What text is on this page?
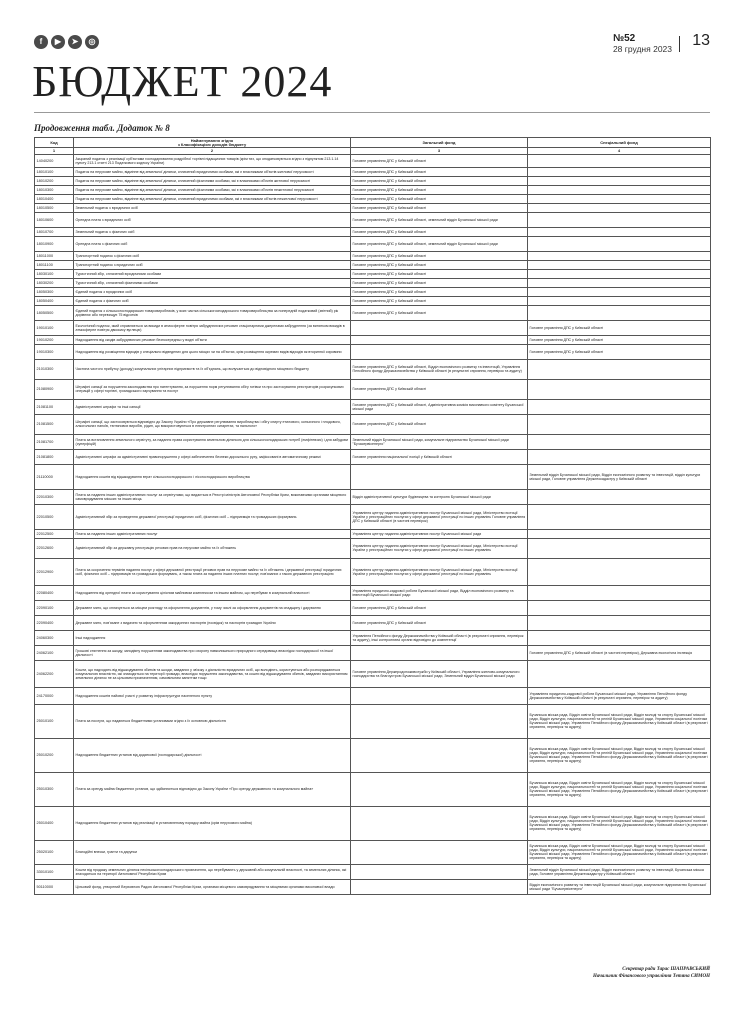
f	▶	➤	◎	№52
28 грудня 2023 13
БЮДЖЕТ 2024
Продовження табл. Додаток № 8
Код	Найменування згідно
з Класифікацією доходів бюджету	Загальний фонд	Спеціальний фонд
1	2	3	4
14040200	Акцизний податок з реалізації суб'єктами господарювання роздрібної торгівлі підакцизних товарів (крім тих, що оподатковуються згідно з підпунктом 213.1.14 пункту 213.1 статті 213 Податкового кодексу України)	Головне управління ДПС у Київській області	
18010100	Податок на нерухоме майно, відмінне від земельної ділянки, сплачений юридичними особами, які є власниками об'єктів житлової нерухомості	Головне управління ДПС у Київській області	
18010200	Податок на нерухоме майно, відмінне від земельної ділянки, сплачений фізичними особами, які є власниками об'єктів житлової нерухомості	Головне управління ДПС у Київській області	
18010300	Податок на нерухоме майно, відмінне від земельної ділянки, сплачений фізичними особами, які є власниками об'єктів нежитлової нерухомості	Головне управління ДПС у Київській області	
18010400	Податок на нерухоме майно, відмінне від земельної ділянки, сплачений юридичними особами, які є власниками об'єктів нежитлової нерухомості	Головне управління ДПС у Київській області	
18010500	Земельний податок з юридичних осіб	Головне управління ДПС у Київській області	
18010600	Орендна плата з юридичних осіб	Головне управління ДПС у Київській області, земельний відділ Бучанської міської ради	
18010700	Земельний податок з фізичних осіб	Головне управління ДПС у Київській області	
18010900	Орендна плата з фізичних осіб	Головне управління ДПС у Київській області, земельний відділ Бучанської міської ради	
18011000	Транспортний податок з фізичних осіб	Головне управління ДПС у Київській області	
18011100	Транспортний податок з юридичних осіб	Головне управління ДПС у Київській області	
18030100	Туристичний збір, сплачений юридичними особами	Головне управління ДПС у Київській області	
18030200	Туристичний збір, сплачений фізичними особами	Головне управління ДПС у Київській області	
18050300	Єдиний податок з юридичних осіб	Головне управління ДПС у Київській області	
18050400	Єдиний податок з фізичних осіб	Головне управління ДПС у Київській області	
18050500	Єдиний податок з сільськогосподарських товаровиробників, у яких частка сільськогосподарського товаровиробництва за попередній податковий (звітний) рік дорівнює або перевищує 75 відсотків	Головне управління ДПС у Київській області	
19010100	Екологічний податок, який справляється за викиди в атмосферне повітря забруднюючих речовин стаціонарними джерелами забруднення (за винятком викидів в атмосферне повітря двоокису вуглецю)		Головне управління ДПС у Київській області
19010200	Надходження від скидів забруднюючих речовин безпосередньо у водні об'єкти		Головне управління ДПС у Київській області
19010300	Надходження від розміщення відходів у спеціально відведених для цього місцях чи на об'єктах, крім розміщення окремих видів відходів як вторинної сировини		Головне управління ДПС у Київській області
21010300	Частина чистого прибутку (доходу) комунальних унітарних підприємств та їх об'єднань, що вилучається до відповідного місцевого бюджету	Головне управління ДПС у Київській області, Відділ економічного розвитку та інвестицій, Управління Пенсійного фонду Держказначейства у Київській області (в результаті сприяння, перевірок та аудиту)	
21080900	Штрафні санкції за порушення законодавства про патентування, за порушення норм регулювання обігу готівки та про застосування реєстраторів розрахункових операцій у сфері торгівлі, громадського харчування та послуг	Головне управління ДПС у Київській області	
21081100	Адміністративні штрафи та інші санкції	Головне управління ДПС у Київській області, Адміністративна комісія виконавчого комітету Бучанської міської ради	
21081500	Штрафні санкції, що застосовуються відповідно до Закону України «Про державне регулювання виробництва і обігу спирту етилового, коньячного і плодового, алкогольних напоїв, тютюнових виробів, рідин, що використовуються в електронних сигаретах, та пального»	Головне управління ДПС у Київській області	
21081700	Плата за встановлення земельного сервітуту, за надання права користування земельною ділянкою для сільськогосподарських потреб (емфітевзис) і для забудови (суперфіцій)	Земельний відділ Бучанської міської ради, комунальне підприємство Бучанської міської ради "Бучасервісенерго"	
21081800	Адміністративні штрафи за адміністративні правопорушення у сфері забезпечення безпеки дорожнього руху, зафіксовані в автоматичному режимі	Головне управління національної поліції у Київській області	
21110000	Надходження коштів від відшкодування втрат сільськогосподарського і лісогосподарського виробництва		Земельний відділ Бучанської міської ради, Відділ економічного розвитку та інвестицій, відділ культури міської ради, Головне управління Держгеокадастру у Київській області
22010300	Плата за надання інших адміністративних послуг за сервітутами, що видається в Реєстрі міністрів Автономної Республіки Крим, виконавчими органами місцевого самоврядування міських та інших місць	Відділ адміністративної культури будівництва та контролю Бучанської міської ради	
22010500	Адміністративний збір за проведення державної реєстрації юридичних осіб, фізичних осіб – підприємців та громадських формувань	Управління центру надання адміністративних послуг Бучанської міської ради, Міністерство юстиції України у реєстраційних послугах у сфері державної реєстрації по інших управлінь Головне управління ДПС у Київській області (в частині перевірок)	
22012500	Плата за надання інших адміністративних послуг	Управління центру надання адміністративних послуг Бучанської міської ради	
22012600	Адміністративний збір за державну реєстрацію речових прав на нерухоме майно та їх обтяжень	Управління центру надання адміністративних послуг Бучанської міської ради, Міністерство юстиції України у реєстраційних послугах у сфері державної реєстрації по інших управлінь	
22012900	Плата за скорочення термінів надання послуг у сфері державної реєстрації речових прав на нерухоме майно та їх обтяжень і державної реєстрації юридичних осіб, фізичних осіб – підприємців та громадських формувань, а також плата за надання інших платних послуг, пов'язаних з такою державною реєстрацією	Управління центру надання адміністративних послуг Бучанської міської ради, Міністерство юстиції України у реєстраційних послугах у сфері державної реєстрації по інших управлінь	
22080400	Надходження від орендної плати за користування цілісним майновим комплексом та іншим майном, що перебуває в комунальній власності	Управління юридично-кадрової роботи Бучанської міської ради, Відділ економічного розвитку та інвестицій Бучанської міської ради	
22090100	Державне мито, що сплачується за місцем розгляду та оформлення документів, у тому числі за оформлення документів на спадщину і дарування	Головне управління ДПС у Київській області	
22090400	Державне мито, пов'язане з видачею та оформленням закордонних паспортів (посвідок) та паспортів громадян України	Головне управління ДПС у Київській області	
24060300	Інші надходження	Управління Пенсійного фонду Держказначейства у Київській області (в результаті сприяння, перевірок та аудиту), інші контролюючі органи відповідно до компетенції	
24062100	Грошові стягнення за шкоду, заподіяну порушенням законодавства про охорону навколишнього природного середовища внаслідок господарської та іншої діяльності		Головне управління ДПС у Київській області (в частині перевірок), Державна екологічна інспекція
24062200	Кошти, що надходять від відшкодування збитків та шкоди, завданих у зв'язку з діяльністю юридичних осіб, що володіють, користуються або розпоряджаються комунальною власністю, які знаходяться на території громади, внаслідок порушення законодавства, та кошти від відшкодування збитків, завданих використанням земельних ділянок не за цільовим призначенням, самовільним заняттям тощо	Головне управління Держпродспоживслужби у Київській області, Управління житлово-комунального господарства та благоустрою Бучанської міської ради, Земельний відділ Бучанської міської ради	
24170000	Надходження коштів пайової участі у розвитку інфраструктури населеного пункту		Управління юридично-кадрової роботи Бучанської міської ради, Управління Пенсійного фонду Держказначейства у Київській області (в результаті сприяння, перевірок та аудиту)
25010100	Плата за послуги, що надаються бюджетними установами згідно з їх основною діяльністю		Бучанська міська рада, Відділ освіти Бучанської міської ради, Відділ молоді та спорту Бучанської міської ради, Відділ культури, національностей та релігій Бучанської міської ради, Управління соціальної політики Бучанської міської ради, Управління Пенсійного фонду Держказначейства у Київській області (в результаті сприяння, перевірок та аудиту)
25010200	Надходження бюджетних установ від додаткової (господарської) діяльності		Бучанська міська рада, Відділ освіти Бучанської міської ради, Відділ молоді та спорту Бучанської міської ради, Відділ культури, національностей та релігій Бучанської міської ради, Управління соціальної політики Бучанської міської ради, Управління Пенсійного фонду Держказначейства у Київській області (в результаті сприяння, перевірок та аудиту)
25010300	Плата за оренду майна бюджетних установ, що здійснюється відповідно до Закону України «Про оренду державного та комунального майна»		Бучанська міська рада, Відділ освіти Бучанської міської ради, Відділ молоді та спорту Бучанської міської ради, Відділ культури, національностей та релігій Бучанської міської ради, Управління соціальної політики Бучанської міської ради, Управління Пенсійного фонду Держказначейства у Київській області (в результаті сприяння, перевірок та аудиту)
25010400	Надходження бюджетних установ від реалізації в установленому порядку майна (крім нерухомого майна)		Бучанська міська рада, Відділ освіти Бучанської міської ради, Відділ молоді та спорту Бучанської міської ради, Відділ культури, національностей та релігій Бучанської міської ради, Управління соціальної політики Бучанської міської ради, Управління Пенсійного фонду Держказначейства у Київській області (в результаті сприяння, перевірок та аудиту)
25020100	Благодійні внески, гранти та дарунки		Бучанська міська рада, Відділ освіти Бучанської міської ради, Відділ молоді та спорту Бучанської міської ради, Відділ культури, національностей та релігій Бучанської міської ради, Управління соціальної політики Бучанської міської ради, Управління Пенсійного фонду Держказначейства у Київській області (в результаті сприяння, перевірок та аудиту)
33010100	Кошти від продажу земельних ділянок несільськогосподарського призначення, що перебувають у державній або комунальній власності, та земельних ділянок, які знаходяться на території Автономної Республіки Крим		Земельний відділ Бучанської міської ради, Відділ економічного розвитку та інвестицій, Бучанська міська рада, Головне управління Держгеокадастру у Київській області
50110000	Цільовий фонд, утворений Верховною Радою Автономної Республіки Крим, органами місцевого самоврядування та місцевими органами виконавчої влади		Відділ економічного розвитку та інвестицій Бучанської міської ради, комунальне підприємство Бучанської міської ради "Бучасервісенерго"
Секретар ради Тарас ШАПРАВСЬКИЙ
Начальник Фінансового управління Тетяна СИМОН
